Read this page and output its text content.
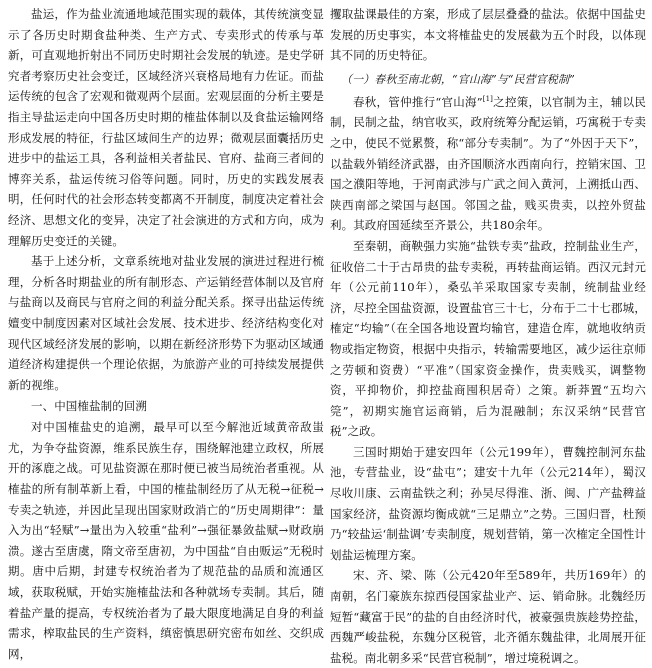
盐运，作为盐业流通地域范围实现的载体，其传统演变显示了各历史时期食盐种类、生产方式、专卖形式的传承与革新，可直观地折射出不同历史时期社会发展的轨迹。是史学研究者考察历史社会变迁，区域经济兴衰格局地有力佐证。而盐运传统的包含了宏观和微观两个层面。宏观层面的分析主要是指主导盐运走向中国各历史时期的榷盐体制以及食盐运输网络形成发展的特征，行盐区域间生产的边界；微观层面囊括历史进步中的盐运工具，各利益相关者盐民、官府、盐商三者间的博弈关系，盐运传统习俗等问题。同时，历史的实践发展表明，任何时代的社会形态转变都离不开制度，制度决定着社会经济、思想文化的变异，决定了社会演进的方式和方向，成为理解历史变迁的关键。

基于上述分析，文章系统地对盐业发展的演进过程进行梳理，分析各时期盐业的所有制形态、产运销经营体制以及官府与盐商以及商民与官府之间的利益分配关系。探寻出盐运传统嬗变中制度因素对区域社会发展、技术进步、经济结构变化对现代区域经济发展的影响，以期在新经济形势下为驱动区域通道经济构建提供一个理论依据，为旅游产业的可持续发展提供新的视维。

一、中国榷盐制的回溯

对中国榷盐史的追溯，最早可以至今解池近域黄帝敌蚩尤，为争夺盐资源，维系民族生存，围绕解池建立政权，所展开的涿鹿之战。可见盐资源在那时便已被当局统治者重视。从榷盐的所有制革新上看，中国的榷盐制经历了从无税→征税→专卖之轨迹，并因此呈现出国家财政消亡的“历史周期律”：量入为出“轻赋”→量出为入较重“盐利”→强征暴敛盐赋→财政崩溃。遂古至唐虞，隋文帝至唐初，为中国盐“自由贩运”无税时期。唐中后期，封建专权统治者为了规范盐的品质和流通区域，获取税赋，开始实施榷盐法和各种就场专卖制。其后，随着盐产量的提高，专权统治者为了最大限度地满足自身的利益需求，榨取盐民的生产资料，缜密慎思研究密布如丝、交织成网，

攫取盐课最佳的方案，形成了层层叠叠的盐法。依据中国盐史发展的历史事实，本文将榷盐史的发展截为五个时段，以体现其不同的历史特征。

（一）春秋至南北朝，“官山海”与“民营官税制”

春秋，管仲推行“官山海”[1]之控策，以官制为主，辅以民制，民制之盐，纳官收买，政府统筹分配运销，巧寓税于专卖之中，使民不觉累赘，称“部分专卖制”。为了“外因于天下”，以盐载外销经济武器，由齐国顺济水西南向行，控销宋国、卫国之濮阳等地，于河南武涉与广武之间入黄河，上溯抵山西、陕西南部之梁国与赵国。邻国之盐，贱买贵卖，以控外贸盐利。其政府国延续至齐景公，共180余年。

至秦朝，商鞅强力实施“盐铁专卖”盐政，控制盐业生产，征收倍二十于古昂贵的盐专卖税，再转盐商运销。西汉元封元年（公元前110年），桑弘羊采取国家专卖制，统制盐业经济，尽控全国盐资源，设置盐官三十七，分布于二十七郡城，榷定“均输”（在全国各地设置均输官，建造仓库，就地收纳贡物或指定物资，根据中央指示，转输需要地区，减少运往京师之劳顿和资费）“平准”（国家资金操作，贵卖贱买，调整物资，平抑物价，抑控盐商囤积居奇）之策。新莽置“五均六筦”，初期实施官运商销，后为混融制；东汉采纳“民营官税”之政。

三国时期始于建安四年（公元199年），曹魏控制河东盐池，专营盐业，设“盐屯”；建安十九年（公元214年），蜀汉尽收川康、云南盐铁之利；孙吴尽得淮、浙、闽、广产盐稗益国家经济，盐资源均衡成就“三足鼎立”之势。三国归晋，杜预乃“较盐运‘制盐调’专卖制度，规划营销，第一次榷定全国性计划盐运梳理方案。

宋、齐、梁、陈（公元420年至589年，共历169年）的南朝，名门豪族东掠西侵国家盐业产、运、销命脉。北魏经历短暂“藏富于民”的盐的自由经济时代，被豪强贵族趁势控盐，西魏严峻盐税，东魏分区税管，北齐循东魏盐律，北周展开征盐税。南北朝多采“民营官税制”，增过境税调之。
